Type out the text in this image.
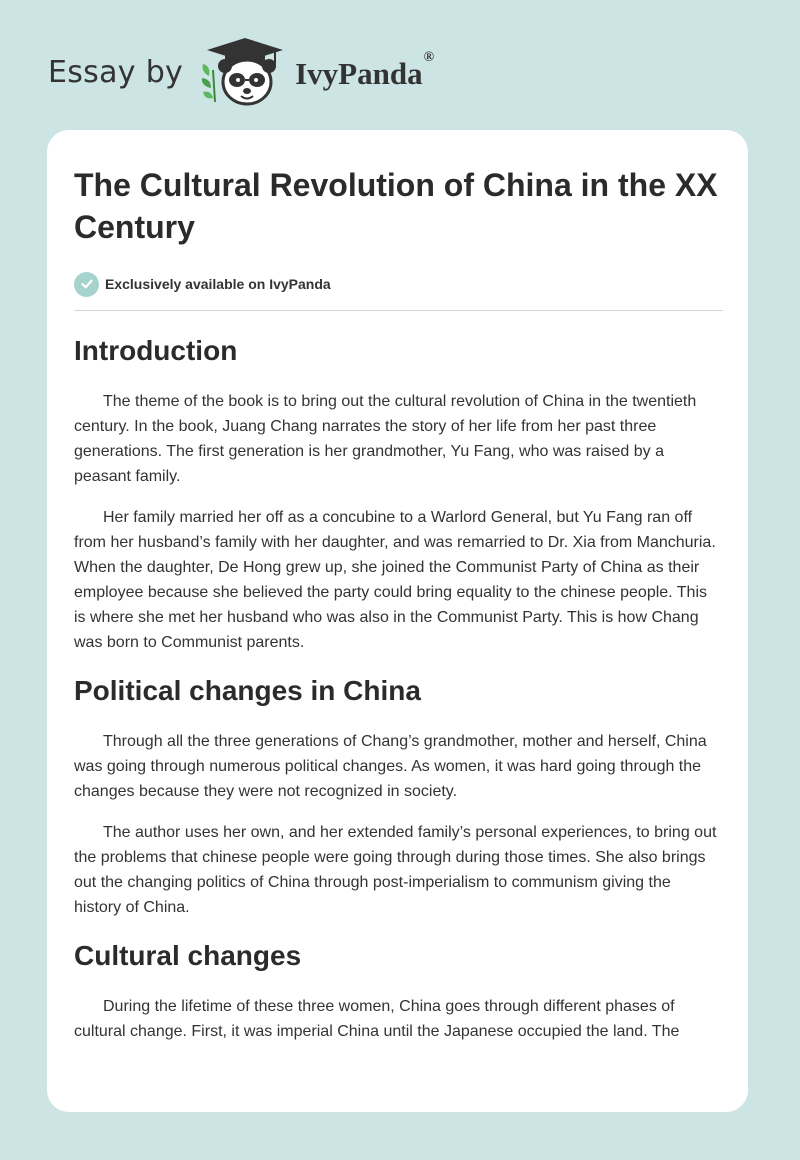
Essay by	IvyPanda®
The Cultural Revolution of China in the XX Century
Exclusively available on IvyPanda
Introduction

The theme of the book is to bring out the cultural revolution of China in the twentieth century. In the book, Juang Chang narrates the story of her life from her past three generations. The first generation is her grandmother, Yu Fang, who was raised by a peasant family.

Her family married her off as a concubine to a Warlord General, but Yu Fang ran off from her husband’s family with her daughter, and was remarried to Dr. Xia from Manchuria. When the daughter, De Hong grew up, she joined the Communist Party of China as their employee because she believed the party could bring equality to the chinese people. This is where she met her husband who was also in the Communist Party. This is how Chang was born to Communist parents.

Political changes in China

Through all the three generations of Chang’s grandmother, mother and herself, China was going through numerous political changes. As women, it was hard going through the changes because they were not recognized in society.

The author uses her own, and her extended family’s personal experiences, to bring out the problems that chinese people were going through during those times. She also brings out the changing politics of China through post-imperialism to communism giving the history of China.

Cultural changes

During the lifetime of these three women, China goes through different phases of cultural change. First, it was imperial China until the Japanese occupied the land. The
